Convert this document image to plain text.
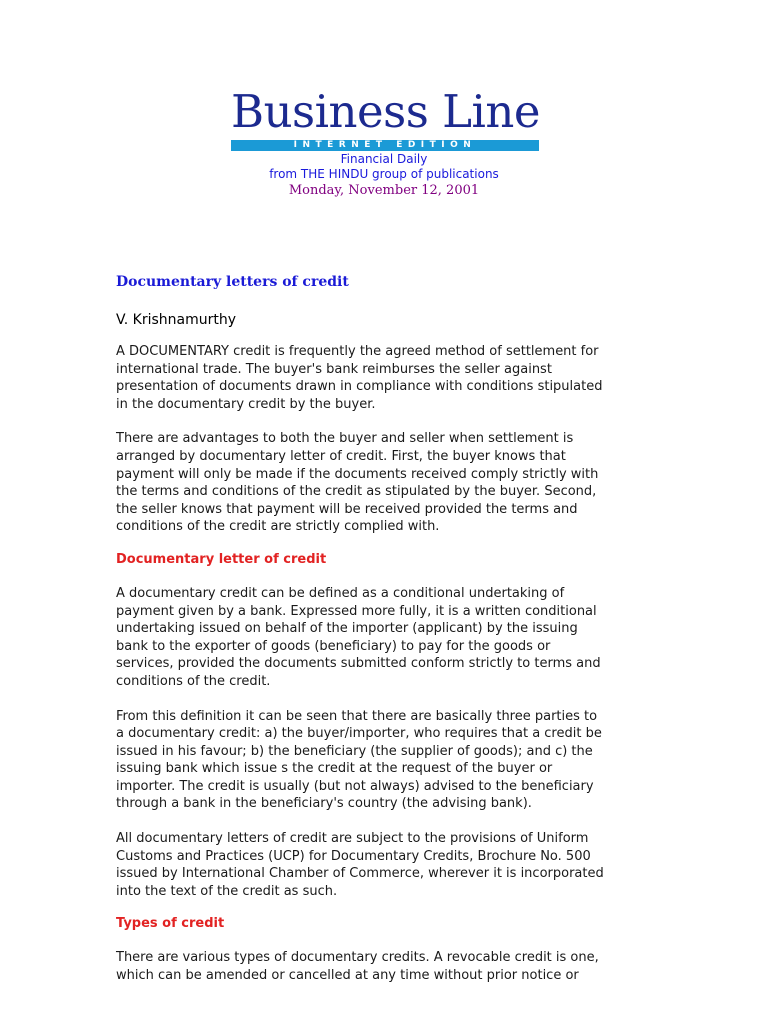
Business Line
INTERNET EDITION
Financial Daily
from THE HINDU group of publications
Monday, November 12, 2001
Documentary letters of credit
V. Krishnamurthy

A DOCUMENTARY credit is frequently the agreed method of settlement for
international trade. The buyer's bank reimburses the seller against
presentation of documents drawn in compliance with conditions stipulated
in the documentary credit by the buyer.

There are advantages to both the buyer and seller when settlement is
arranged by documentary letter of credit. First, the buyer knows that
payment will only be made if the documents received comply strictly with
the terms and conditions of the credit as stipulated by the buyer. Second,
the seller knows that payment will be received provided the terms and
conditions of the credit are strictly complied with.

Documentary letter of credit

A documentary credit can be defined as a conditional undertaking of
payment given by a bank. Expressed more fully, it is a written conditional
undertaking issued on behalf of the importer (applicant) by the issuing
bank to the exporter of goods (beneficiary) to pay for the goods or
services, provided the documents submitted conform strictly to terms and
conditions of the credit.

From this definition it can be seen that there are basically three parties to
a documentary credit: a) the buyer/importer, who requires that a credit be
issued in his favour; b) the beneficiary (the supplier of goods); and c) the
issuing bank which issue s the credit at the request of the buyer or
importer. The credit is usually (but not always) advised to the beneficiary
through a bank in the beneficiary's country (the advising bank).

All documentary letters of credit are subject to the provisions of Uniform
Customs and Practices (UCP) for Documentary Credits, Brochure No. 500
issued by International Chamber of Commerce, wherever it is incorporated
into the text of the credit as such.

Types of credit

There are various types of documentary credits. A revocable credit is one,
which can be amended or cancelled at any time without prior notice or
